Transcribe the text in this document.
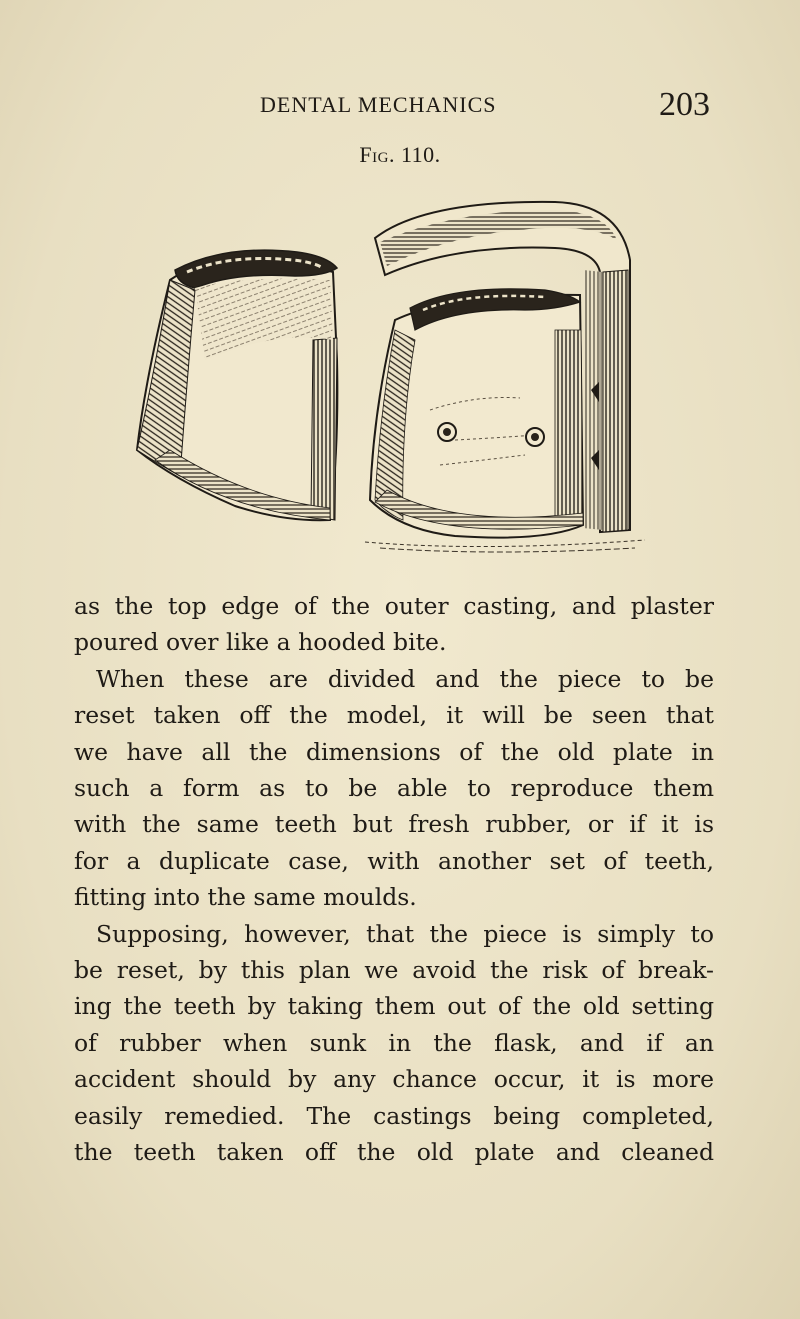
DENTAL MECHANICS	203
Fig. 110.
as the top edge of the outer casting, and plaster
poured over like a hooded bite.
When these are divided and the piece to be
reset taken off the model, it will be seen that
we have all the dimensions of the old plate in
such a form as to be able to reproduce them
with the same teeth but fresh rubber, or if it is
for a duplicate case, with another set of teeth,
fitting into the same moulds.
Supposing, however, that the piece is simply to
be reset, by this plan we avoid the risk of break-
ing the teeth by taking them out of the old setting
of rubber when sunk in the flask, and if an
accident should by any chance occur, it is more
easily remedied. The castings being completed,
the teeth taken off the old plate and cleaned
